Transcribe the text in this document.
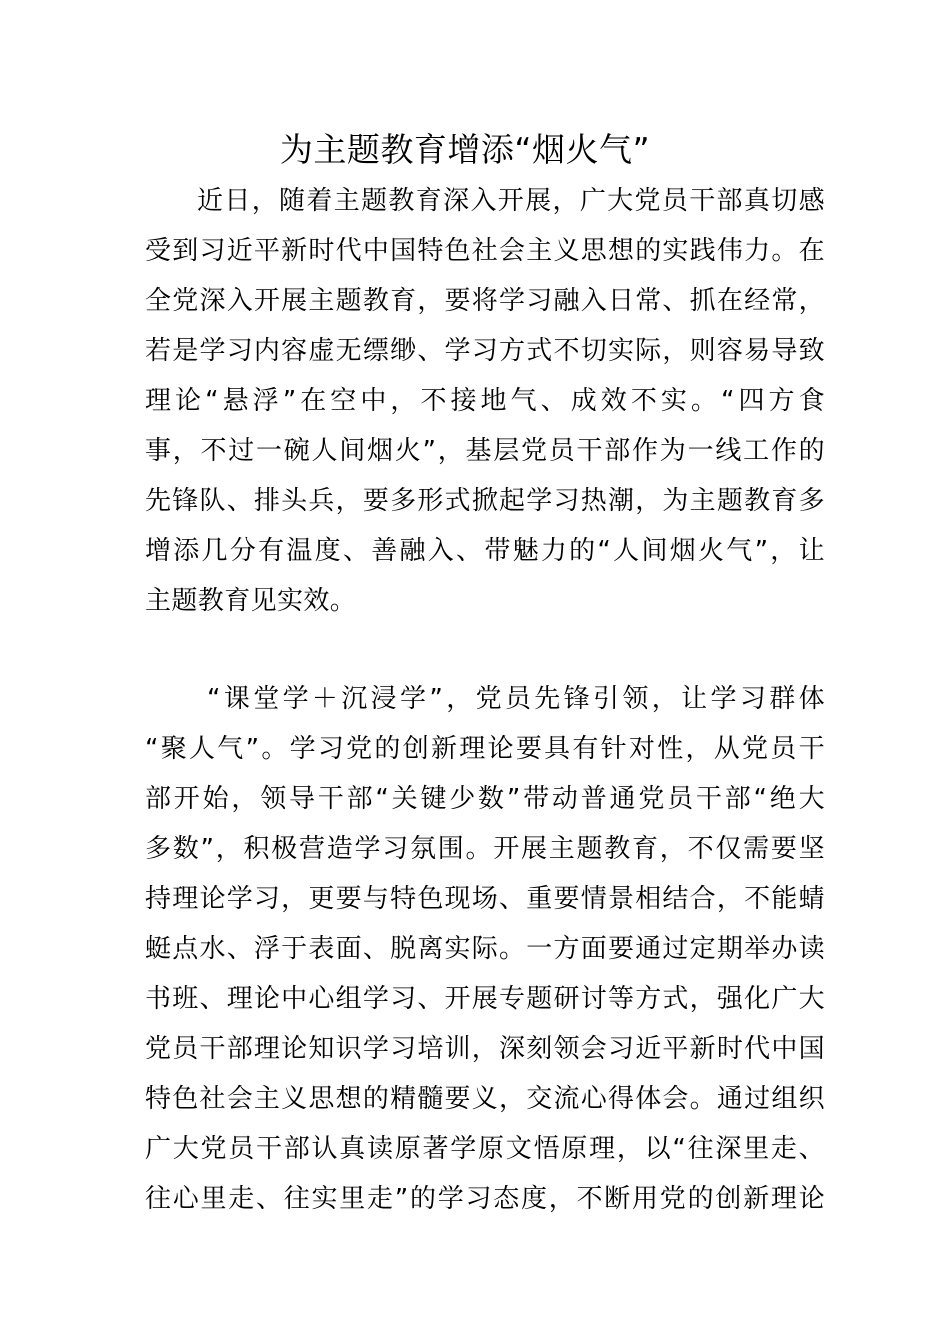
为主题教育增添“烟火气”
近日，随着主题教育深入开展，广大党员干部真切感
受到习近平新时代中国特色社会主义思想的实践伟力。在
全党深入开展主题教育，要将学习融入日常、抓在经常，
若是学习内容虚无缥缈、学习方式不切实际，则容易导致
理论“悬浮”在空中，不接地气、成效不实。“四方食
事，不过一碗人间烟火”，基层党员干部作为一线工作的
先锋队、排头兵，要多形式掀起学习热潮，为主题教育多
增添几分有温度、善融入、带魅力的“人间烟火气”，让
主题教育见实效。
“课堂学＋沉浸学”，党员先锋引领，让学习群体
“聚人气”。学习党的创新理论要具有针对性，从党员干
部开始，领导干部“关键少数”带动普通党员干部“绝大
多数”，积极营造学习氛围。开展主题教育，不仅需要坚
持理论学习，更要与特色现场、重要情景相结合，不能蜻
蜓点水、浮于表面、脱离实际。一方面要通过定期举办读
书班、理论中心组学习、开展专题研讨等方式，强化广大
党员干部理论知识学习培训，深刻领会习近平新时代中国
特色社会主义思想的精髓要义，交流心得体会。通过组织
广大党员干部认真读原著学原文悟原理，以“往深里走、
往心里走、往实里走”的学习态度，不断用党的创新理论
